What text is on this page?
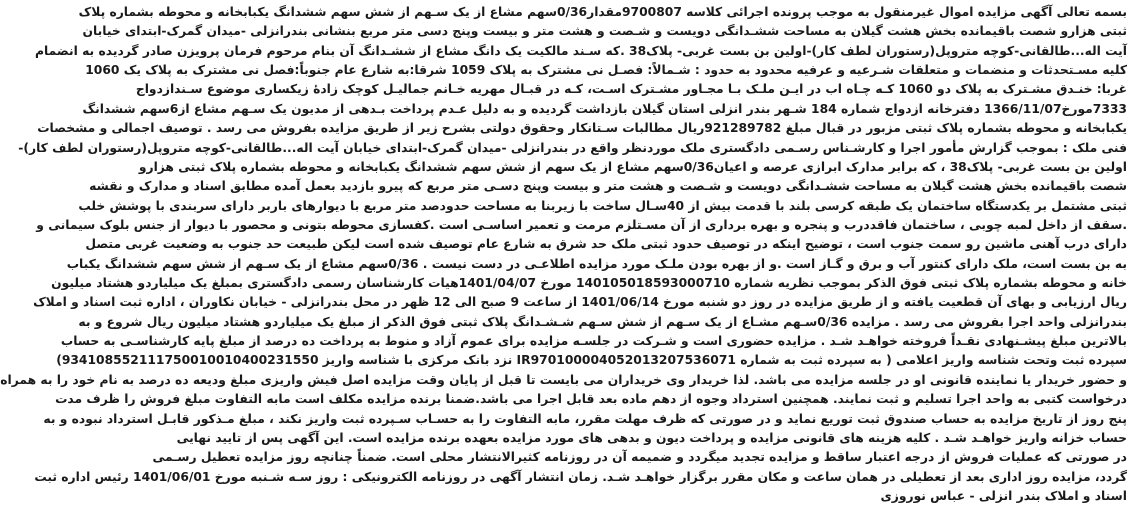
بسمه تعالی آگهی مزایده اموال غیرمنقول به موجب پرونده اجرائی کلاسه 9700807مقدار0/36سهم مشاع از یک سـهم از شش سهم ششدانگ یکبابخانه و محوطه بشماره پلاک
ثبتی هزارو شصت باقیمانده بخش هشت گیلان به مساحت ششـدانگی دویست و شـصت و هشت متر و بیست وپنج دسی متر مربع بنشانی بندرانزلی -میدان گمرک-ابتدای خیابان
آیت اله...طالقانی-کوچه متروپل(رستوران لطف کار)-اولین بن بست غربی- پلاک38 .که سـند مالکیت یک دانگ مشاع از ششـدانگ آن بنام مرحوم فرمان پرویزن صادر گردیده به انضمام
کلیه مسـتحدثات و منضمات و متعلقات شـرعیه و عرفیه محدود به حدود : شـمالاً: فصـل نی مشترک به پلاک 1059 شرقا:به شارع عام جنوباً:فصل نی مشترک به پلاک یک 1060
غربا: خنـدق مشـترک به پلاک دو 1060 کـه چـاه اب در ایـن ملـک بـا مجـاور مشـترک اسـت، کـه در قبـال مهریه خـانم جمالیـل کوچک زادۀ زیکساری موضوع سـنداز‌دواج
7333مورخ1366/11/07 دفترخانه ازدواج شماره 184 شـهر بندر انزلی استان گیلان بازداشت گردیده و به دلیل عـدم پرداخت بـدهی از مدیون یک سـهم مشاع از6سهم ششدانگ
یکبابخانه و محوطه بشماره پلاک ثبتی مزبور در قبال مبلغ 921289782ریال مطالبات سـتانکار وحقوق دولتی بشرح زیر از طریق مزایده بفروش می رسد . توصیف اجمالی و مشخصات
فنی ملک : بموجب گزارش مأمور اجرا و کارشـناس رسـمی دادگستری ملک موردنظر واقع در بندرانزلی -میدان گمرک-ابتدای خیابان آیت اله...طالقانی-کوچه متروپل(رستوران لطف کار)-
اولین بن بست غربی- پلاک38 ، که برابر مدارک ابرازی عرصه و اعیان0/36سهم مشاع از یک سهم از شش سهم ششدانگ یکبابخانه و محوطه بشماره پلاک ثبتی هزارو
شصت باقیمانده بخش هشت گیلان به مساحت ششـدانگی دویست و شـصت و هشت متر و بیست وپنج دسـی متر مربع که پیرو بازدید بعمل آمده مطابق اسناد و مدارک و نقشه
ثبتی مشتمل بر یکدستگاه ساختمان یک طبقه کرسی بلند با قدمت بیش از 40سـال ساخت با زیربنا به مساحت حدودصد متر مربع با دیوارهای باربر دارای سربندی با پوشش خلب
.سقف از داخل لمبه چوبی ، ساختمان فاقددرب و پنجره و بهره برداری از آن مسـتلزم مرمت و تعمیر اساسـی است .کفسازی محوطه بتونی و محصور با دیوار از جنس بلوک سیمانی و
دارای درب آهنی ماشین رو سمت جنوب است ، توضیح اینکه در توصیف حدود ثبتی ملک حد شرق به شارع عام توصیف شده است لیکن طبیعت حد جنوب به وضعیت غربی متصل
به بن بست است، ملک دارای کنتور آب و برق و گـاز است .و از بهره بودن ملـک مورد مزایده اطلاعـی در دست نیست . 0/36سهم مشاع از یک سـهم از شش سهم ششدانگ یکباب
خانه و محوطه بشماره پلاک ثبتی فوق الذکر بموجب نظریه شماره 140105018593000710 مورخ 1401/04/07هیات کارشناسان رسمی دادگستری بمبلغ یک میلیاردو هشتاد میلیون
ریال ارزیابی و بهای آن قطعیت یافته و از طریق مزایده در روز دو شنبه مورخ 1401/06/14 از ساعت 9 صبح الی 12 ظهر در محل بندرانزلی - خیابان نکاوران ، اداره ثبت اسناد و املاک
بندرانزلی واحد اجرا بفروش می رسد . مزایده 0/36سـهم مشـاع از یک سـهم از شش سـهم شـشـدانگ پلاک ثبتی فوق الذکر از مبلغ یک میلیاردو هشتاد میلیون ریال شروع و به
بالاترین مبلغ پیشـنهادی نقـداً فروخته خواهـد شـد . مزایده حضوری است و شـرکت در جلسـه مزایده برای عموم آزاد و منوط به پرداخت ده درصد از مبلغ پایه کارشناسـی به حساب
سپرده ثبت وتحت شناسه واریز اعلامی ( به سپرده ثبت به شماره IR970100004052013207536071 نزد بانک مرکزی با شناسه واریز 934108552111750010010400231550)
و حضور خریدار یا نماینده قانونی او در جلسه مزایده می باشد. لذا خریدار وی خریداران می بایست تا قبل از پایان وقت مزایده اصل فیش واریزی مبلغ ودیعه ده درصد به نام خود را به همراه
درخواست کتبی به واحد اجرا تسلیم و ثبت نمایند. همچنین استرداد وجوه از دهم ماده بعد قابل اجرا می باشد.ضمنا برنده مزایده مکلف است مابه التفاوت مبلغ فروش را ظرف مدت
پنج روز از تاریخ مزایده به حساب صندوق ثبت توریع نماید و در صورتی که ظرف مهلت مقرر، مابه التفاوت را به حسـاب سـپرده ثبت واریز نکند ، مبلغ مـذکور قابـل استرداد نبوده و به
حساب خزانه واریز خواهـد شـد . کلیه هزینه های قانونی مزایده و پرداخت دیون و بدهی های مورد مزایده بعهده برنده مزایده است. این آگهی پس از تایید نهایی
در صورتی که عملیات فروش از درجه اعتبار ساقط و مزایده تجدید میگردد و ضمیمه آن در روزنامه کثیرالانتشار محلی است. ضمناً چنانچه روز مزایده تعطیل رسـمی
گردد، مزایده روز اداری بعد از تعطیلی در همان ساعت و مکان مقرر برگزار خواهـد شـد. زمان انتشار آگهی در روزنامه الکترونیکی : روز سـه شـنبه مورخ 1401/06/01 رئیس اداره ثبت
اسناد و املاک بندر انزلی - عباس نوروزی
